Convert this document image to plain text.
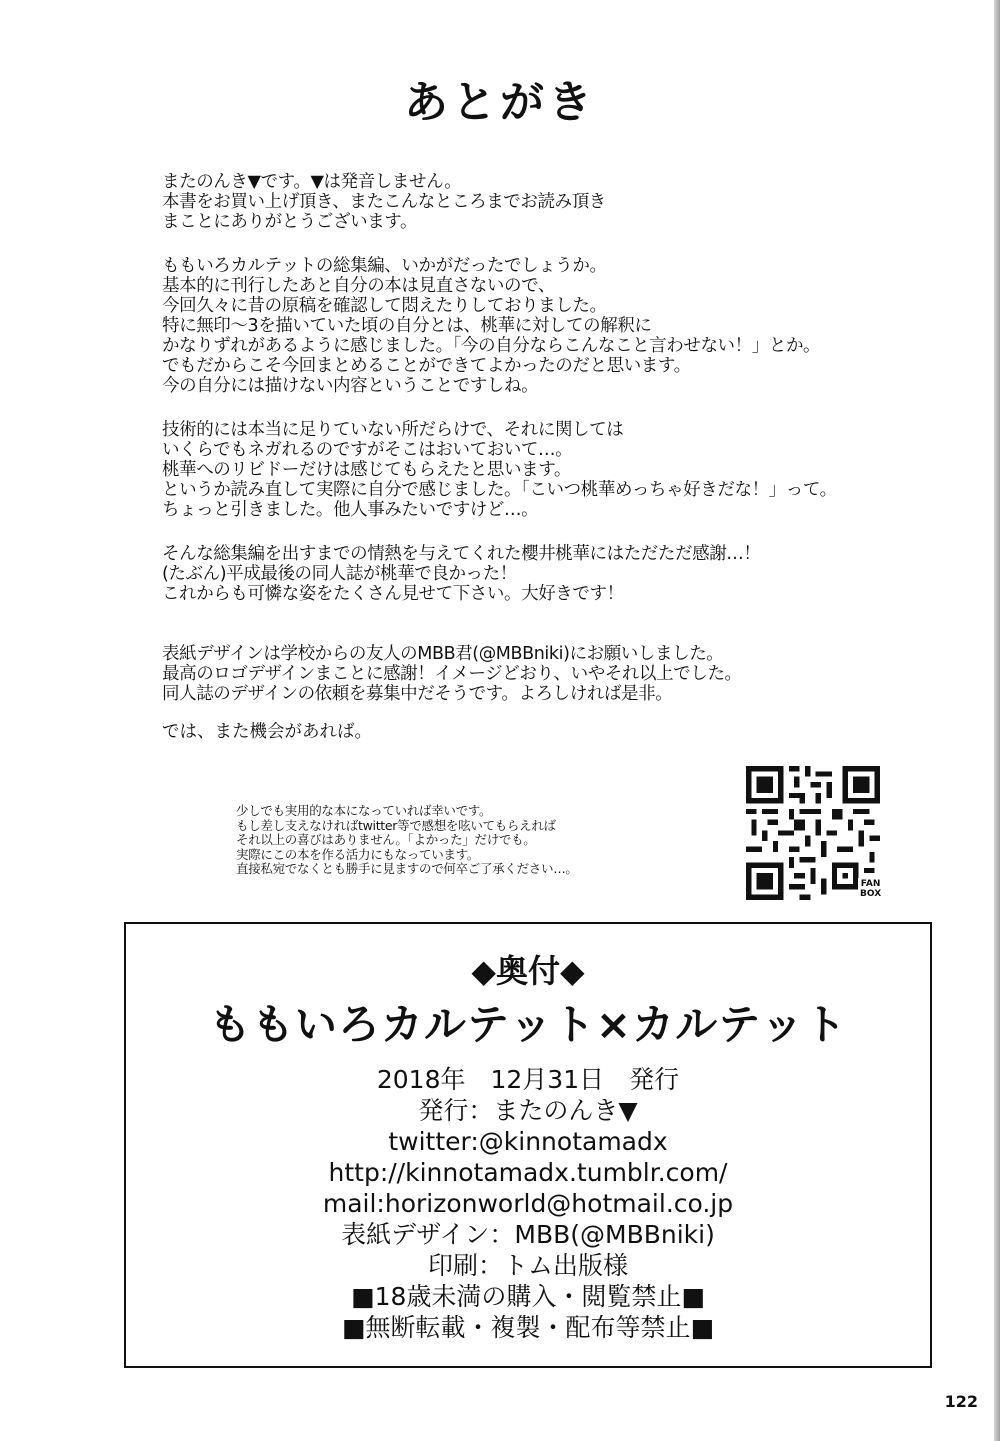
あとがき
またのんき▼です。▼は発音しません。
本書をお買い上げ頂き、またこんなところまでお読み頂き
まことにありがとうございます。
ももいろカルテットの総集編、いかがだったでしょうか。
基本的に刊行したあと自分の本は見直さないので、
今回久々に昔の原稿を確認して悶えたりしておりました。
特に無印～3を描いていた頃の自分とは、桃華に対しての解釈に
かなりずれがあるように感じました。「今の自分ならこんなこと言わせない！」とか。
でもだからこそ今回まとめることができてよかったのだと思います。
今の自分には描けない内容ということですしね。
技術的には本当に足りていない所だらけで、それに関しては
いくらでもネガれるのですがそこはおいておいて…。
桃華へのリビドーだけは感じてもらえたと思います。
というか読み直して実際に自分で感じました。「こいつ桃華めっちゃ好きだな！」って。
ちょっと引きました。他人事みたいですけど…。
そんな総集編を出すまでの情熱を与えてくれた櫻井桃華にはただただ感謝…！
(たぶん)平成最後の同人誌が桃華で良かった！
これからも可憐な姿をたくさん見せて下さい。大好きです！
表紙デザインは学校からの友人のMBB君(@MBBniki)にお願いしました。
最高のロゴデザインまことに感謝！イメージどおり、いやそれ以上でした。
同人誌のデザインの依頼を募集中だそうです。よろしければ是非。
では、また機会があれば。
少しでも実用的な本になっていれば幸いです。
もし差し支えなければtwitter等で感想を呟いてもらえれば
それ以上の喜びはありません。「よかった」だけでも。
実際にこの本を作る活力にもなっています。
直接私宛でなくとも勝手に見ますので何卒ご了承ください…。
FAN
BOX
◆奥付◆
ももいろカルテット×カルテット
2018年　12月31日　発行
発行：またのんき▼
twitter:@kinnotamadx
http://kinnotamadx.tumblr.com/
mail:horizonworld@hotmail.co.jp
表紙デザイン：MBB(@MBBniki)
印刷：トム出版様
■18歳未満の購入・閲覧禁止■
■無断転載・複製・配布等禁止■
122
